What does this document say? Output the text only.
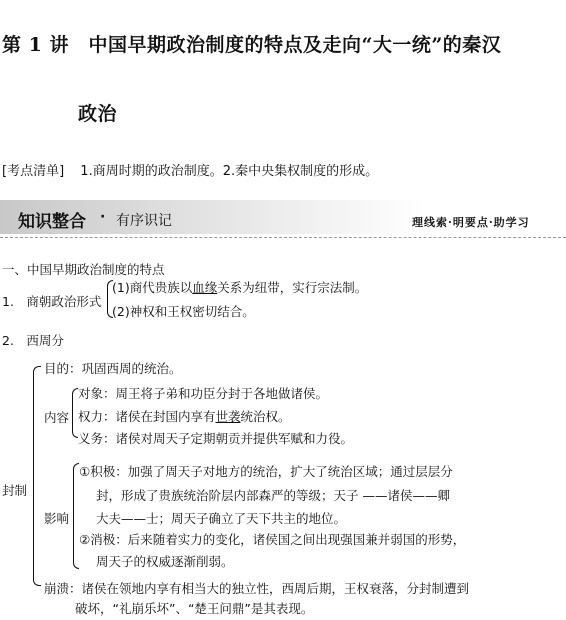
第 1 讲　中国早期政治制度的特点及走向“大一统”的秦汉
政治
[考点清单] 1.商周时期的政治制度。2.秦中央集权制度的形成。
知识整合 · 有序识记	理线索·明要点·助学习
一、中国早期政治制度的特点
1.　商朝政治形式
(1)商代贵族以血缘关系为纽带，实行宗法制。
(2)神权和王权密切结合。
2.　西周分
封制
目的：巩固西周的统治。
内容
对象：周王将子弟和功臣分封于各地做诸侯。
权力：诸侯在封国内享有世袭统治权。
义务：诸侯对周天子定期朝贡并提供军赋和力役。
影响
①积极：加强了周天子对地方的统治，扩大了统治区域；通过层层分
封，形成了贵族统治阶层内部森严的等级；天子 ——诸侯——卿
大夫——士；周天子确立了天下共主的地位。
②消极：后来随着实力的变化，诸侯国之间出现强国兼并弱国的形势，
周天子的权威逐渐削弱。
崩溃：诸侯在领地内享有相当大的独立性，西周后期，王权衰落，分封制遭到
破坏，“礼崩乐坏”、“楚王问鼎”是其表现。
